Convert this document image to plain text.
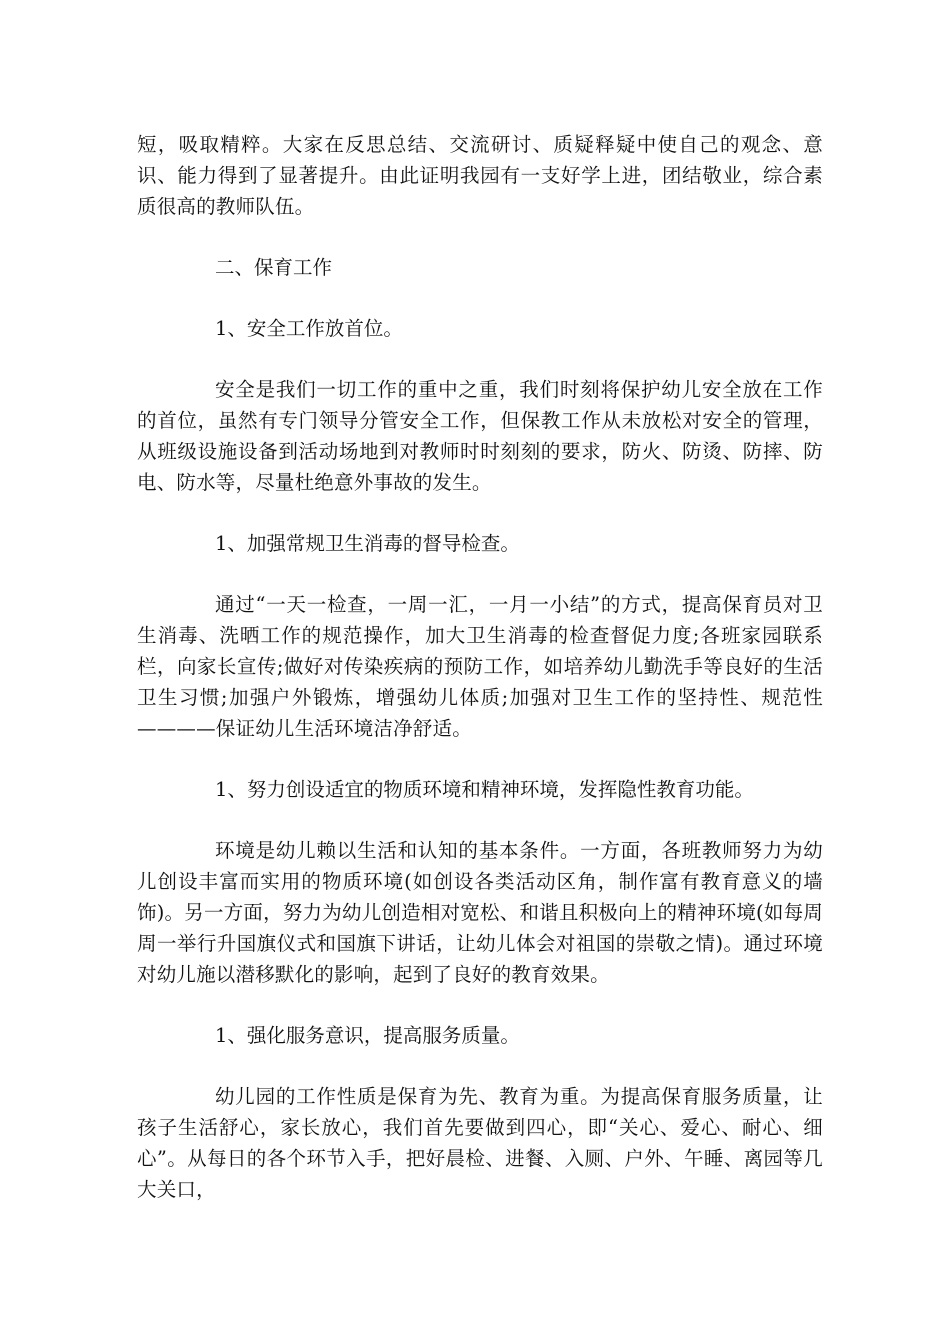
短，吸取精粹。大家在反思总结、交流研讨、质疑释疑中使自己的观念、意识、能力得到了显著提升。由此证明我园有一支好学上进，团结敬业，综合素质很高的教师队伍。

二、保育工作

1、安全工作放首位。

安全是我们一切工作的重中之重，我们时刻将保护幼儿安全放在工作的首位，虽然有专门领导分管安全工作，但保教工作从未放松对安全的管理，从班级设施设备到活动场地到对教师时时刻刻的要求，防火、防烫、防摔、防电、防水等，尽量杜绝意外事故的发生。

1、加强常规卫生消毒的督导检查。

通过“一天一检查，一周一汇，一月一小结”的方式，提高保育员对卫生消毒、洗晒工作的规范操作，加大卫生消毒的检查督促力度;各班家园联系栏，向家长宣传;做好对传染疾病的预防工作，如培养幼儿勤洗手等良好的生活卫生习惯;加强户外锻炼，增强幼儿体质;加强对卫生工作的坚持性、规范性————保证幼儿生活环境洁净舒适。

1、努力创设适宜的物质环境和精神环境，发挥隐性教育功能。

环境是幼儿赖以生活和认知的基本条件。一方面，各班教师努力为幼儿创设丰富而实用的物质环境(如创设各类活动区角，制作富有教育意义的墙饰)。另一方面，努力为幼儿创造相对宽松、和谐且积极向上的精神环境(如每周周一举行升国旗仪式和国旗下讲话，让幼儿体会对祖国的崇敬之情)。通过环境对幼儿施以潜移默化的影响，起到了良好的教育效果。

1、强化服务意识，提高服务质量。

幼儿园的工作性质是保育为先、教育为重。为提高保育服务质量，让孩子生活舒心，家长放心，我们首先要做到四心，即“关心、爱心、耐心、细心”。从每日的各个环节入手，把好晨检、进餐、入厕、户外、午睡、离园等几大关口，
